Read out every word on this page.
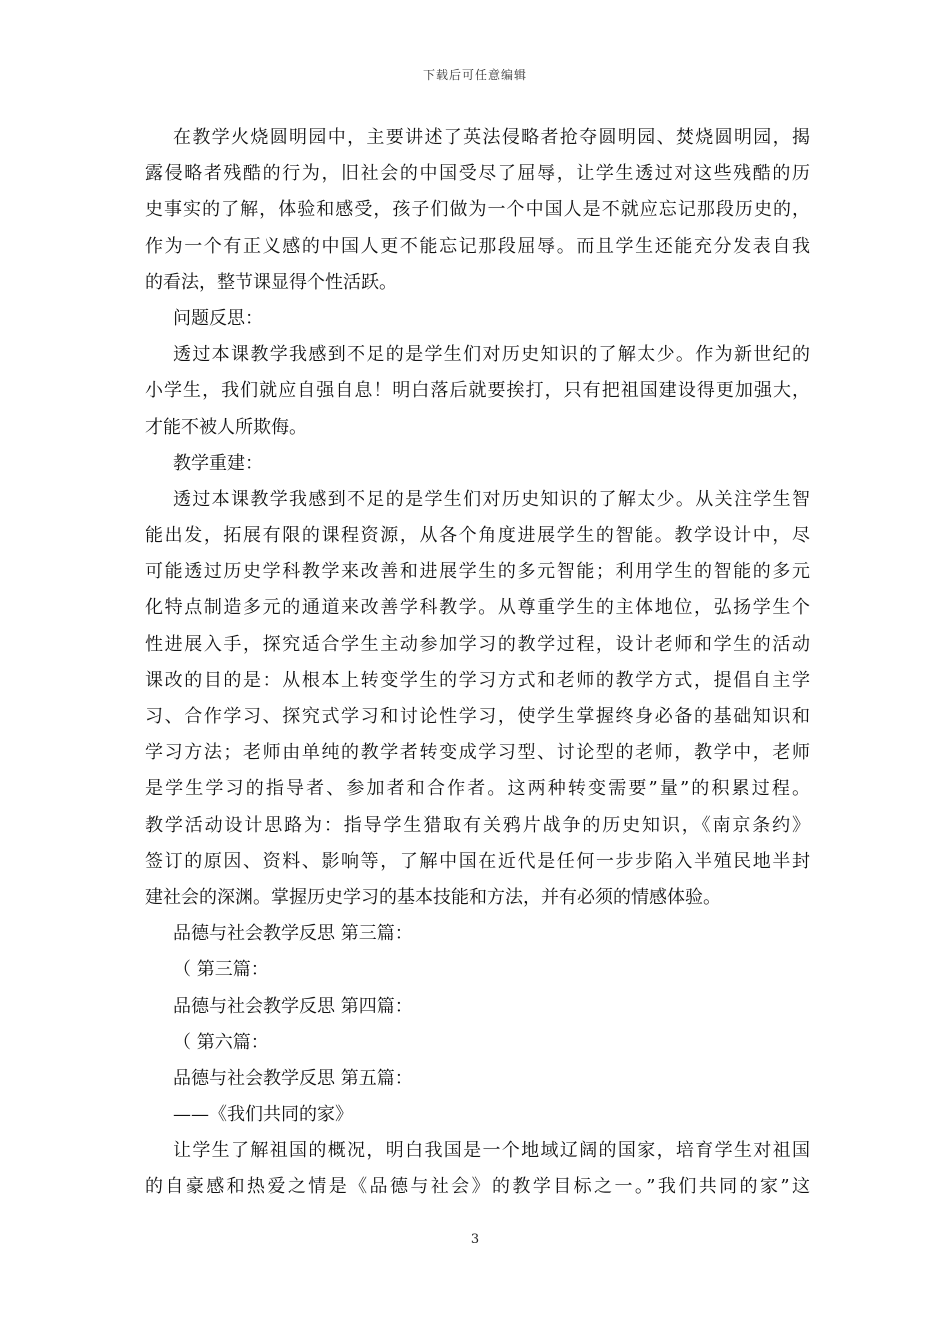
下载后可任意编辑
在教学火烧圆明园中，主要讲述了英法侵略者抢夺圆明园、焚烧圆明园，揭
露侵略者残酷的行为，旧社会的中国受尽了屈辱，让学生透过对这些残酷的历
史事实的了解，体验和感受，孩子们做为一个中国人是不就应忘记那段历史的，
作为一个有正义感的中国人更不能忘记那段屈辱。而且学生还能充分发表自我
的看法，整节课显得个性活跃。
问题反思：
透过本课教学我感到不足的是学生们对历史知识的了解太少。作为新世纪的
小学生，我们就应自强自息！明白落后就要挨打，只有把祖国建设得更加强大，
才能不被人所欺侮。
教学重建：
透过本课教学我感到不足的是学生们对历史知识的了解太少。从关注学生智
能出发，拓展有限的课程资源，从各个角度进展学生的智能。教学设计中，尽
可能透过历史学科教学来改善和进展学生的多元智能；利用学生的智能的多元
化特点制造多元的通道来改善学科教学。从尊重学生的主体地位，弘扬学生个
性进展入手，探究适合学生主动参加学习的教学过程，设计老师和学生的活动
课改的目的是：从根本上转变学生的学习方式和老师的教学方式，提倡自主学
习、合作学习、探究式学习和讨论性学习，使学生掌握终身必备的基础知识和
学习方法；老师由单纯的教学者转变成学习型、讨论型的老师，教学中，老师
是学生学习的指导者、参加者和合作者。这两种转变需要”量”的积累过程。
教学活动设计思路为：指导学生猎取有关鸦片战争的历史知识，《南京条约》
签订的原因、资料、影响等，了解中国在近代是任何一步步陷入半殖民地半封
建社会的深渊。掌握历史学习的基本技能和方法，并有必须的情感体验。
品德与社会教学反思 第三篇：
（ 第三篇：
品德与社会教学反思 第四篇：
（ 第六篇：
品德与社会教学反思 第五篇：
——《我们共同的家》
让学生了解祖国的概况，明白我国是一个地域辽阔的国家，培育学生对祖国
的自豪感和热爱之情是《品德与社会》的教学目标之一。”我们共同的家”这
3
